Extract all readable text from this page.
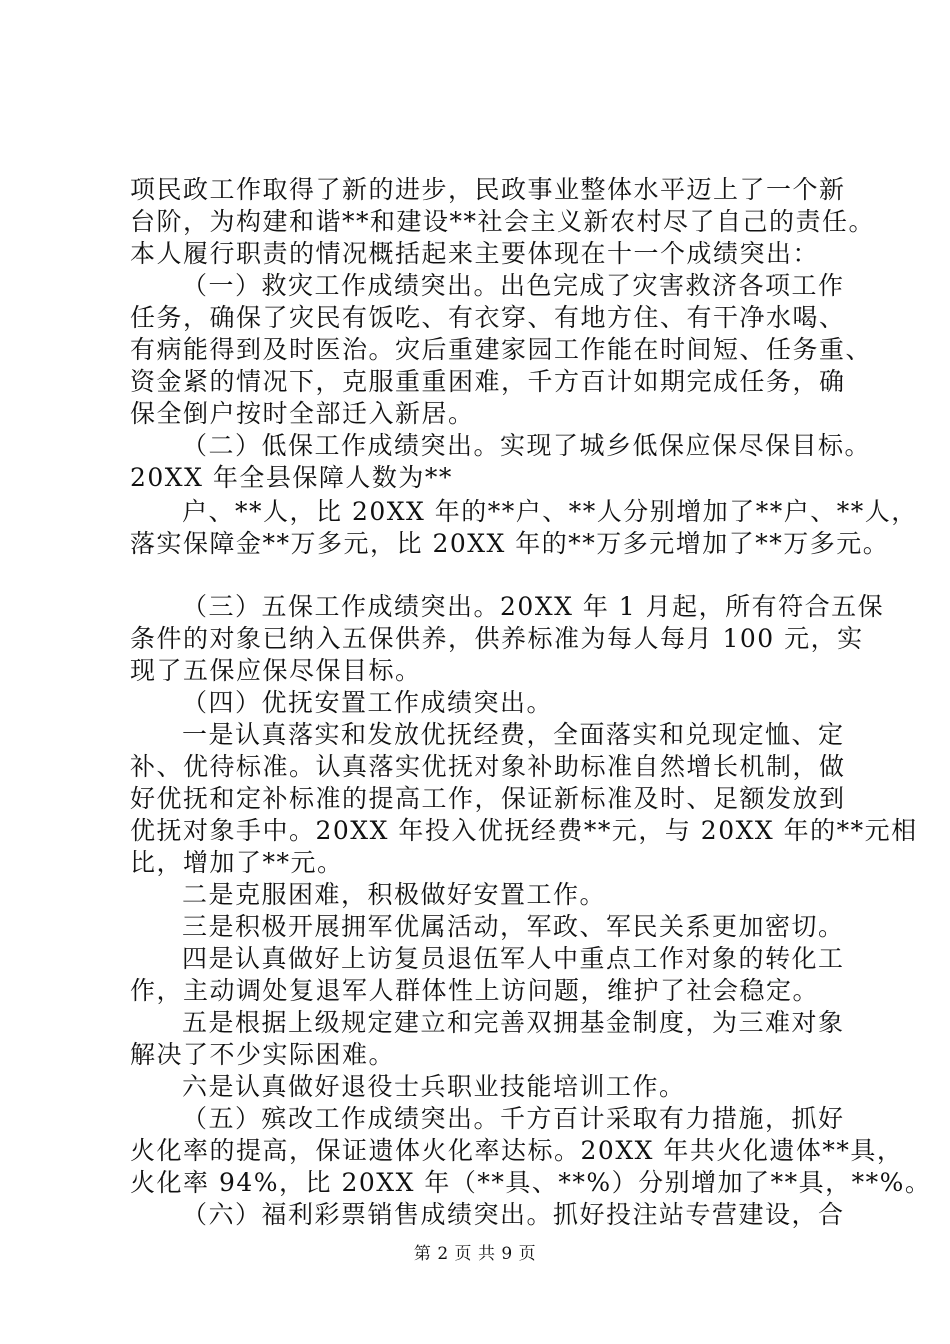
项民政工作取得了新的进步，民政事业整体水平迈上了一个新
台阶，为构建和谐**和建设**社会主义新农村尽了自己的责任。
本人履行职责的情况概括起来主要体现在十一个成绩突出：
（一）救灾工作成绩突出。出色完成了灾害救济各项工作
任务，确保了灾民有饭吃、有衣穿、有地方住、有干净水喝、
有病能得到及时医治。灾后重建家园工作能在时间短、任务重、
资金紧的情况下，克服重重困难，千方百计如期完成任务，确
保全倒户按时全部迁入新居。
（二）低保工作成绩突出。实现了城乡低保应保尽保目标。
20XX 年全县保障人数为**
户、**人，比 20XX 年的**户、**人分别增加了**户、**人，
落实保障金**万多元，比 20XX 年的**万多元增加了**万多元。
（三）五保工作成绩突出。20XX 年 1 月起，所有符合五保
条件的对象已纳入五保供养，供养标准为每人每月 100 元，实
现了五保应保尽保目标。
（四）优抚安置工作成绩突出。
一是认真落实和发放优抚经费，全面落实和兑现定恤、定
补、优待标准。认真落实优抚对象补助标准自然增长机制，做
好优抚和定补标准的提高工作，保证新标准及时、足额发放到
优抚对象手中。20XX 年投入优抚经费**元，与 20XX 年的**元相
比，增加了**元。
二是克服困难，积极做好安置工作。
三是积极开展拥军优属活动，军政、军民关系更加密切。
四是认真做好上访复员退伍军人中重点工作对象的转化工
作，主动调处复退军人群体性上访问题，维护了社会稳定。
五是根据上级规定建立和完善双拥基金制度，为三难对象
解决了不少实际困难。
六是认真做好退役士兵职业技能培训工作。
（五）殡改工作成绩突出。千方百计采取有力措施，抓好
火化率的提高，保证遗体火化率达标。20XX 年共火化遗体**具，
火化率 94%，比 20XX 年（**具、**%）分别增加了**具，**%。
（六）福利彩票销售成绩突出。抓好投注站专营建设，合
第 2 页 共 9 页
